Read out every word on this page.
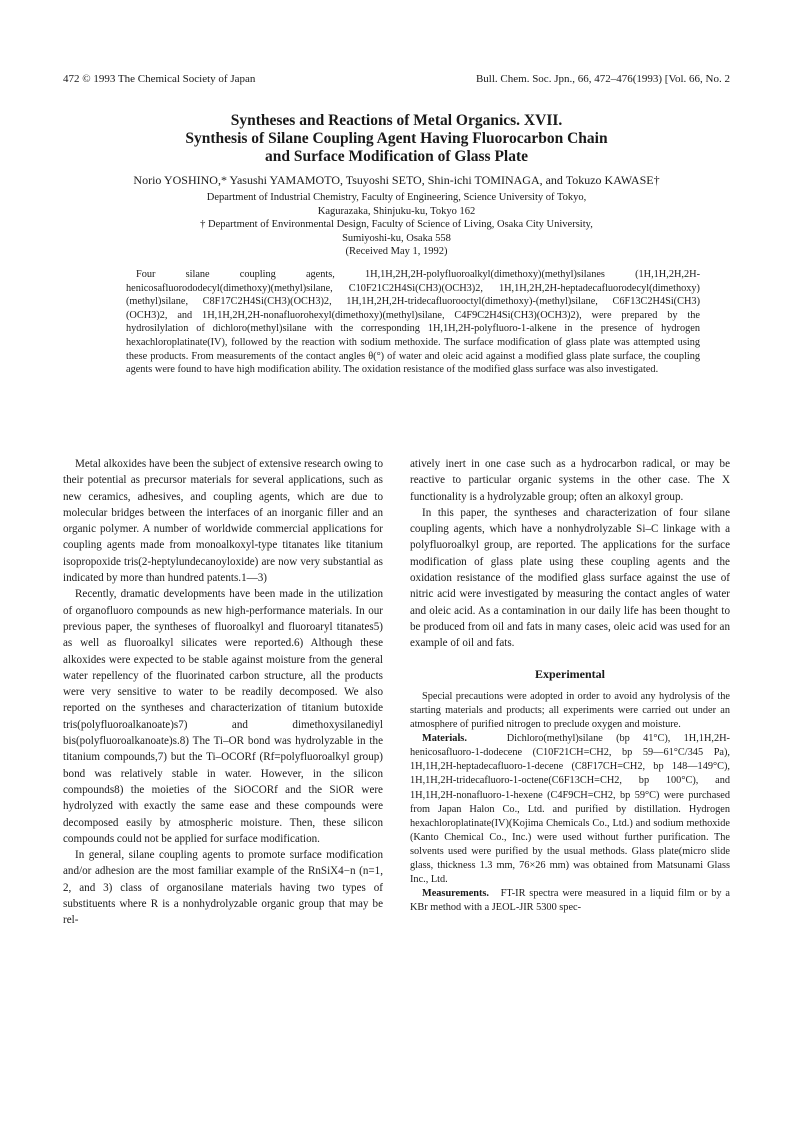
472 © 1993 The Chemical Society of Japan	Bull. Chem. Soc. Jpn., 66, 472–476(1993) [Vol. 66, No. 2
Syntheses and Reactions of Metal Organics. XVII.
Synthesis of Silane Coupling Agent Having Fluorocarbon Chain
and Surface Modification of Glass Plate
Norio YOSHINO,* Yasushi YAMAMOTO, Tsuyoshi SETO, Shin-ichi TOMINAGA, and Tokuzo KAWASE†
Department of Industrial Chemistry, Faculty of Engineering, Science University of Tokyo,
Kagurazaka, Shinjuku-ku, Tokyo 162
† Department of Environmental Design, Faculty of Science of Living, Osaka City University,
Sumiyoshi-ku, Osaka 558
(Received May 1, 1992)

Four silane coupling agents, 1H,1H,2H,2H-polyfluoroalkyl(dimethoxy)(methyl)silanes (1H,1H,2H,2H-henicosafluorododecyl(dimethoxy)(methyl)silane, C10F21C2H4Si(CH3)(OCH3)2, 1H,1H,2H,2H-heptadecafluorodecyl(dimethoxy)(methyl)silane, C8F17C2H4Si(CH3)(OCH3)2, 1H,1H,2H,2H-tridecafluorooctyl(dimethoxy)-(methyl)silane, C6F13C2H4Si(CH3)(OCH3)2, and 1H,1H,2H,2H-nonafluorohexyl(dimethoxy)(methyl)silane, C4F9C2H4Si(CH3)(OCH3)2), were prepared by the hydrosilylation of dichloro(methyl)silane with the corresponding 1H,1H,2H-polyfluoro-1-alkene in the presence of hydrogen hexachloroplatinate(IV), followed by the reaction with sodium methoxide. The surface modification of glass plate was attempted using these products. From measurements of the contact angles θ(°) of water and oleic acid against a modified glass plate surface, the coupling agents were found to have high modification ability. The oxidation resistance of the modified glass surface was also investigated.

Metal alkoxides have been the subject of extensive research owing to their potential as precursor materials for several applications, such as new ceramics, adhesives, and coupling agents, which are due to molecular bridges between the interfaces of an inorganic filler and an organic polymer. A number of worldwide commercial applications for coupling agents made from monoalkoxyl-type titanates like titanium isopropoxide tris(2-heptylundecanoyloxide) are now very substantial as indicated by more than hundred patents.1—3)

Recently, dramatic developments have been made in the utilization of organofluoro compounds as new high-performance materials. In our previous paper, the syntheses of fluoroalkyl and fluoroaryl titanates5) as well as fluoroalkyl silicates were reported.6) Although these alkoxides were expected to be stable against moisture from the general water repellency of the fluorinated carbon structure, all the products were very sensitive to water to be readily decomposed. We also reported on the syntheses and characterization of titanium butoxide tris(polyfluoroalkanoate)s7) and dimethoxysilanediyl bis(polyfluoroalkanoate)s.8) The Ti–OR bond was hydrolyzable in the titanium compounds,7) but the Ti–OCORf (Rf=polyfluoroalkyl group) bond was relatively stable in water. However, in the silicon compounds8) the moieties of the SiOCORf and the SiOR were hydrolyzed with exactly the same ease and these compounds were decomposed easily by atmospheric moisture. Then, these silicon compounds could not be applied for surface modification.

In general, silane coupling agents to promote surface modification and/or adhesion are the most familiar example of the RnSiX4−n (n=1, 2, and 3) class of organosilane materials having two types of substituents where R is a nonhydrolyzable organic group that may be rel-

atively inert in one case such as a hydrocarbon radical, or may be reactive to particular organic systems in the other case. The X functionality is a hydrolyzable group; often an alkoxyl group.

In this paper, the syntheses and characterization of four silane coupling agents, which have a nonhydrolyzable Si–C linkage with a polyfluoroalkyl group, are reported. The applications for the surface modification of glass plate using these coupling agents and the oxidation resistance of the modified glass surface against the use of nitric acid were investigated by measuring the contact angles of water and oleic acid. As a contamination in our daily life has been thought to be produced from oil and fats in many cases, oleic acid was used for an example of oil and fats.

Experimental

Special precautions were adopted in order to avoid any hydrolysis of the starting materials and products; all experiments were carried out under an atmosphere of purified nitrogen to preclude oxygen and moisture.

Materials.	Dichloro(methyl)silane (bp 41°C), 1H,1H,2H-henicosafluoro-1-dodecene (C10F21CH=CH2, bp 59—61°C/345 Pa), 1H,1H,2H-heptadecafluoro-1-decene (C8F17CH=CH2, bp 148—149°C), 1H,1H,2H-tridecafluoro-1-octene(C6F13CH=CH2, bp 100°C), and 1H,1H,2H-nonafluoro-1-hexene (C4F9CH=CH2, bp 59°C) were purchased from Japan Halon Co., Ltd. and purified by distillation. Hydrogen hexachloroplatinate(IV)(Kojima Chemicals Co., Ltd.) and sodium methoxide (Kanto Chemical Co., Inc.) were used without further purification. The solvents used were purified by the usual methods. Glass plate(micro slide glass, thickness 1.3 mm, 76×26 mm) was obtained from Matsunami Glass Inc., Ltd.

Measurements. FT-IR spectra were measured in a liquid film or by a KBr method with a JEOL-JIR 5300 spec-
